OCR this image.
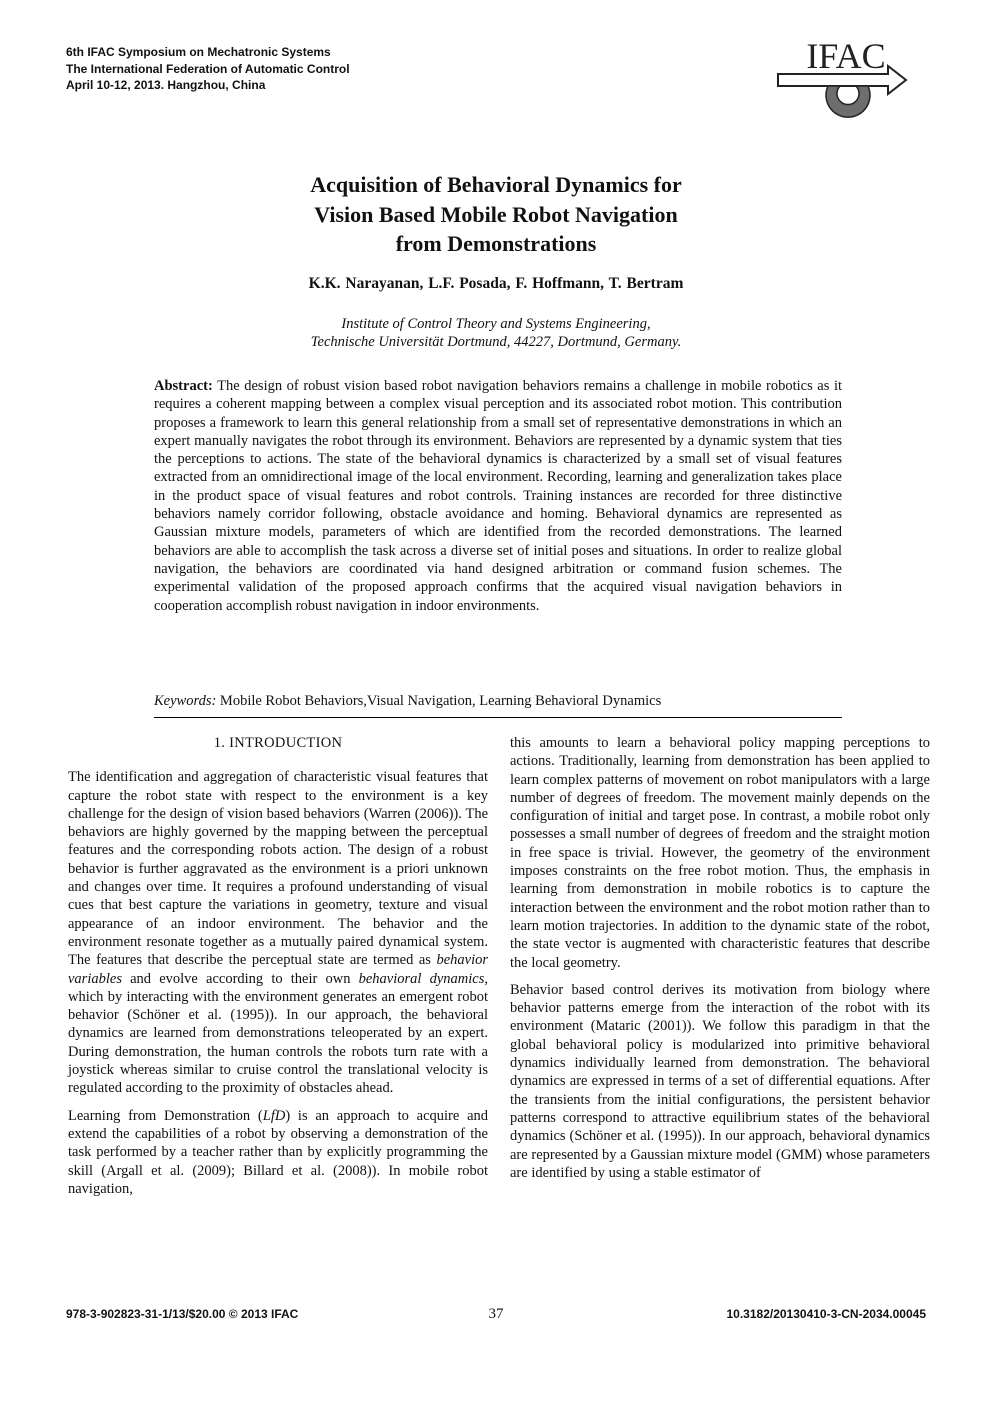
6th IFAC Symposium on Mechatronic Systems
The International Federation of Automatic Control
April 10-12, 2013. Hangzhou, China
IFAC
Acquisition of Behavioral Dynamics for
Vision Based Mobile Robot Navigation
from Demonstrations
K.K. Narayanan, L.F. Posada, F. Hoffmann, T. Bertram
Institute of Control Theory and Systems Engineering,
Technische Universität Dortmund, 44227, Dortmund, Germany.
Abstract: The design of robust vision based robot navigation behaviors remains a challenge in mobile robotics as it requires a coherent mapping between a complex visual perception and its associated robot motion. This contribution proposes a framework to learn this general relationship from a small set of representative demonstrations in which an expert manually navigates the robot through its environment. Behaviors are represented by a dynamic system that ties the perceptions to actions. The state of the behavioral dynamics is characterized by a small set of visual features extracted from an omnidirectional image of the local environment. Recording, learning and generalization takes place in the product space of visual features and robot controls. Training instances are recorded for three distinctive behaviors namely corridor following, obstacle avoidance and homing. Behavioral dynamics are represented as Gaussian mixture models, parameters of which are identified from the recorded demonstrations. The learned behaviors are able to accomplish the task across a diverse set of initial poses and situations. In order to realize global navigation, the behaviors are coordinated via hand designed arbitration or command fusion schemes. The experimental validation of the proposed approach confirms that the acquired visual navigation behaviors in cooperation accomplish robust navigation in indoor environments.
Keywords: Mobile Robot Behaviors,Visual Navigation, Learning Behavioral Dynamics
1. INTRODUCTION

The identification and aggregation of characteristic visual features that capture the robot state with respect to the environment is a key challenge for the design of vision based behaviors (Warren (2006)). The behaviors are highly governed by the mapping between the perceptual features and the corresponding robots action. The design of a robust behavior is further aggravated as the environment is a priori unknown and changes over time. It requires a profound understanding of visual cues that best capture the variations in geometry, texture and visual appearance of an indoor environment. The behavior and the environment resonate together as a mutually paired dynamical system. The features that describe the perceptual state are termed as behavior variables and evolve according to their own behavioral dynamics, which by interacting with the environment generates an emergent robot behavior (Schöner et al. (1995)). In our approach, the behavioral dynamics are learned from demonstrations teleoperated by an expert. During demonstration, the human controls the robots turn rate with a joystick whereas similar to cruise control the translational velocity is regulated according to the proximity of obstacles ahead.

Learning from Demonstration (LfD) is an approach to acquire and extend the capabilities of a robot by observing a demonstration of the task performed by a teacher rather than by explicitly programming the skill (Argall et al. (2009); Billard et al. (2008)). In mobile robot navigation,

this amounts to learn a behavioral policy mapping perceptions to actions. Traditionally, learning from demonstration has been applied to learn complex patterns of movement on robot manipulators with a large number of degrees of freedom. The movement mainly depends on the configuration of initial and target pose. In contrast, a mobile robot only possesses a small number of degrees of freedom and the straight motion in free space is trivial. However, the geometry of the environment imposes constraints on the free robot motion. Thus, the emphasis in learning from demonstration in mobile robotics is to capture the interaction between the environment and the robot motion rather than to learn motion trajectories. In addition to the dynamic state of the robot, the state vector is augmented with characteristic features that describe the local geometry.

Behavior based control derives its motivation from biology where behavior patterns emerge from the interaction of the robot with its environment (Mataric (2001)). We follow this paradigm in that the global behavioral policy is modularized into primitive behavioral dynamics individually learned from demonstration. The behavioral dynamics are expressed in terms of a set of differential equations. After the transients from the initial configurations, the persistent behavior patterns correspond to attractive equilibrium states of the behavioral dynamics (Schöner et al. (1995)). In our approach, behavioral dynamics are represented by a Gaussian mixture model (GMM) whose parameters are identified by using a stable estimator of

978-3-902823-31-1/13/$20.00 © 2013 IFAC	37	10.3182/20130410-3-CN-2034.00045
